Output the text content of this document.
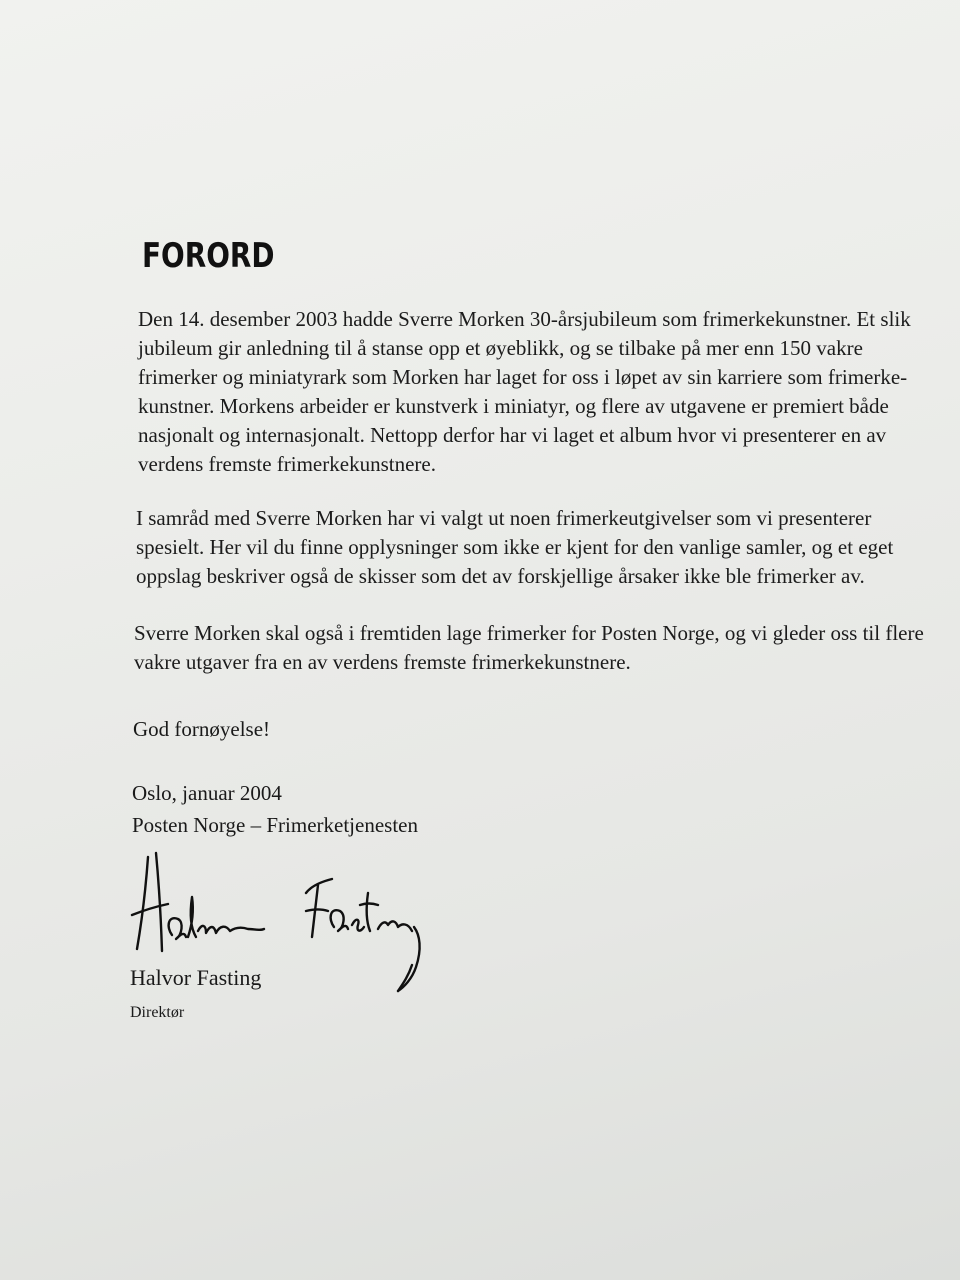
FORORD

Den 14. desember 2003 hadde Sverre Morken 30-årsjubileum som frimerkekunstner. Et slik
jubileum gir anledning til å stanse opp et øyeblikk, og se tilbake på mer enn 150 vakre
frimerker og miniatyrark som Morken har laget for oss i løpet av sin karriere som frimerke-
kunstner. Morkens arbeider er kunstverk i miniatyr, og flere av utgavene er premiert både
nasjonalt og internasjonalt. Nettopp derfor har vi laget et album hvor vi presenterer en av
verdens fremste frimerkekunstnere.

I samråd med Sverre Morken har vi valgt ut noen frimerkeutgivelser som vi presenterer
spesielt. Her vil du finne opplysninger som ikke er kjent for den vanlige samler, og et eget
oppslag beskriver også de skisser som det av forskjellige årsaker ikke ble frimerker av.

Sverre Morken skal også i fremtiden lage frimerker for Posten Norge, og vi gleder oss til flere
vakre utgaver fra en av verdens fremste frimerkekunstnere.

God fornøyelse!

Oslo, januar 2004
Posten Norge – Frimerketjenesten

Halvor Fasting

Direktør
